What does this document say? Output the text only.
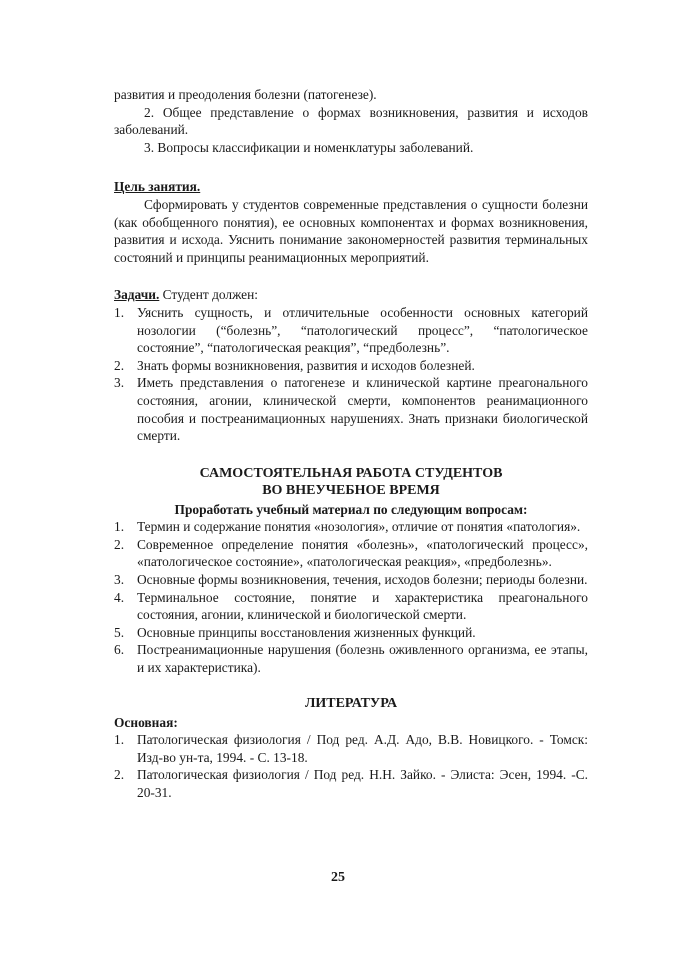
развития и преодоления болезни (патогенезе).

2. Общее представление о формах возникновения, развития и исходов заболеваний.

3. Вопросы классификации и номенклатуры заболеваний.

Цель занятия.

Сформировать у студентов современные представления о сущности болезни (как обобщенного понятия), ее основных компонентах и формах возникновения, развития и исхода. Уяснить понимание закономерностей развития терминальных состояний и принципы реанимационных мероприятий.

Задачи. Студент должен:

1. Уяснить сущность, и отличительные особенности основных категорий нозологии (“болезнь”, “патологический процесс”, “патологическое состояние”, “патологическая реакция”, “предболезнь”.
2. Знать формы возникновения, развития и исходов болезней.
3. Иметь представления о патогенезе и клинической картине преагонального состояния, агонии, клинической смерти, компонентов реанимационного пособия и постреанимационных нарушениях. Знать признаки биологической смерти.

САМОСТОЯТЕЛЬНАЯ РАБОТА СТУДЕНТОВ

ВО ВНЕУЧЕБНОЕ ВРЕМЯ

Проработать учебный материал по следующим вопросам:

1. Термин и содержание понятия «нозология», отличие от понятия «патология».
2. Современное определение понятия «болезнь», «патологический процесс», «патологическое состояние», «патологическая реакция», «предболезнь».
3. Основные формы возникновения, течения, исходов болезни; периоды болезни.
4. Терминальное состояние, понятие и характеристика преагонального состояния, агонии, клинической и биологической смерти.
5. Основные принципы восстановления жизненных функций.
6. Постреанимационные нарушения (болезнь оживленного организма, ее этапы, и их характеристика).

ЛИТЕРАТУРА

Основная:

1. Патологическая физиология / Под ред. А.Д. Адо, В.В. Новицкого. - Томск: Изд-во ун-та, 1994. - С. 13-18.
2. Патологическая физиология / Под ред. Н.Н. Зайко. - Элиста: Эсен, 1994. -С. 20-31.
25
